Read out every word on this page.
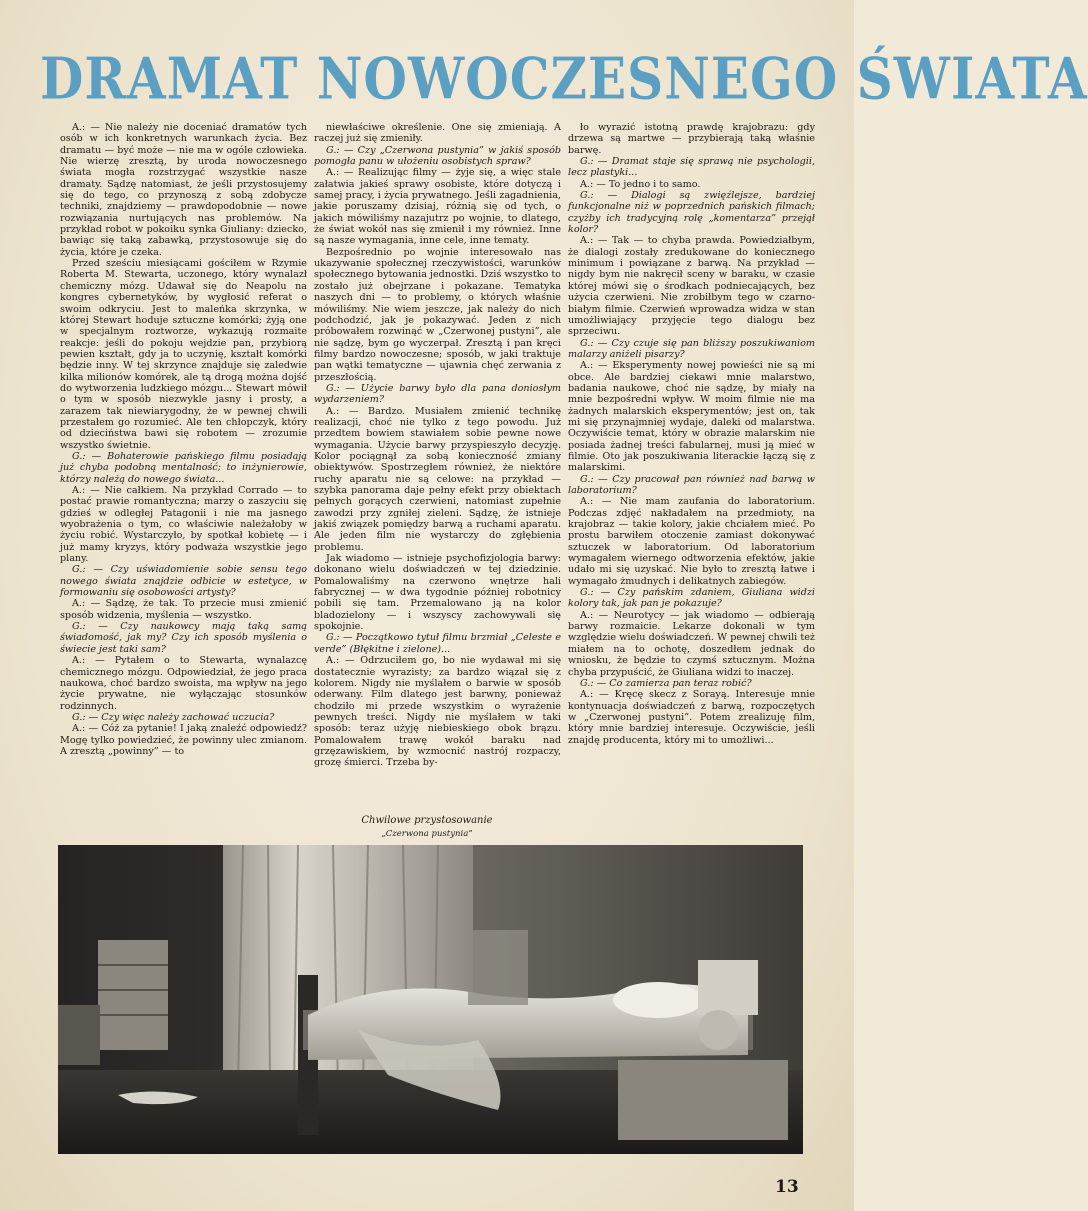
DRAMAT NOWOCZESNEGO ŚWIATA

A.: — Nie należy nie doceniać dramatów tych osób w ich konkretnych warunkach życia. Bez dramatu — być może — nie ma w ogóle człowieka. Nie wierzę zresztą, by uroda nowoczesnego świata mogła rozstrzygać wszystkie nasze dramaty. Sądzę natomiast, że jeśli przystosujemy się do tego, co przynoszą z sobą zdobycze techniki, znajdziemy — prawdopodobnie — nowe rozwiązania nurtujących nas problemów. Na przykład robot w pokoiku synka Giuliany: dziecko, bawiąc się taką zabawką, przystosowuje się do życia, które je czeka.

Przed sześciu miesiącami gościłem w Rzymie Roberta M. Stewarta, uczonego, który wynalazł chemiczny mózg. Udawał się do Neapolu na kongres cybernetyków, by wygłosić referat o swoim odkryciu. Jest to maleńka skrzynka, w której Stewart hoduje sztuczne komórki; żyją one w specjalnym roztworze, wykazują rozmaite reakcje: jeśli do pokoju wejdzie pan, przybiorą pewien kształt, gdy ja to uczynię, kształt komórki będzie inny. W tej skrzynce znajduje się zaledwie kilka milionów komórek, ale tą drogą można dojść do wytworzenia ludzkiego mózgu... Stewart mówił o tym w sposób niezwykle jasny i prosty, a zarazem tak niewiarygodny, że w pewnej chwili przestałem go rozumieć. Ale ten chłopczyk, który od dzieciństwa bawi się robotem — zrozumie wszystko świetnie.

G.: — Bohaterowie pańskiego filmu posiadają już chyba podobną mentalność; to inżynierowie, którzy należą do nowego świata...

A.: — Nie całkiem. Na przykład Corrado — to postać prawie romantyczna; marzy o zaszyciu się gdzieś w odległej Patagonii i nie ma jasnego wyobrażenia o tym, co właściwie należałoby w życiu robić. Wystarczyło, by spotkał kobietę — i już mamy kryzys, który podważa wszystkie jego plany.

G.: — Czy uświadomienie sobie sensu tego nowego świata znajdzie odbicie w estetyce, w formowaniu się osobowości artysty?

A.: — Sądzę, że tak. To przecie musi zmienić sposób widzenia, myślenia — wszystko.

G.: — Czy naukowcy mają taką samą świadomość, jak my? Czy ich sposób myślenia o świecie jest taki sam?

A.: — Pytałem o to Stewarta, wynalazcę chemicznego mózgu. Odpowiedział, że jego praca naukowa, choć bardzo swoista, ma wpływ na jego życie prywatne, nie wyłączając stosunków rodzinnych.

G.: — Czy więc należy zachować uczucia?

A.: — Cóż za pytanie! I jaką znaleźć odpowiedź? Mogę tylko powiedzieć, że powinny ulec zmianom. A zresztą „powinny” — to

niewłaściwe określenie. One się zmieniają. A raczej już się zmieniły.

G.: — Czy „Czerwona pustynia” w jakiś sposób pomogła panu w ułożeniu osobistych spraw?

A.: — Realizując filmy — żyje się, a więc stale załatwia jakieś sprawy osobiste, które dotyczą i samej pracy, i życia prywatnego. Jeśli zagadnienia, jakie poruszamy dzisiaj, różnią się od tych, o jakich mówiliśmy nazajutrz po wojnie, to dlatego, że świat wokół nas się zmienił i my również. Inne są nasze wymagania, inne cele, inne tematy.

Bezpośrednio po wojnie interesowało nas ukazywanie społecznej rzeczywistości, warunków społecznego bytowania jednostki. Dziś wszystko to zostało już obejrzane i pokazane. Tematyka naszych dni — to problemy, o których właśnie mówiliśmy. Nie wiem jeszcze, jak należy do nich podchodzić, jak je pokazywać. Jeden z nich próbowałem rozwinąć w „Czerwonej pustyni”, ale nie sądzę, bym go wyczerpał. Zresztą i pan kręci filmy bardzo nowoczesne; sposób, w jaki traktuje pan wątki tematyczne — ujawnia chęć zerwania z przeszłością.

G.: — Użycie barwy było dla pana doniosłym wydarzeniem?

A.: — Bardzo. Musiałem zmienić technikę realizacji, choć nie tylko z tego powodu. Już przedtem bowiem stawiałem sobie pewne nowe wymagania. Użycie barwy przyspieszyło decyzję. Kolor pociągnął za sobą konieczność zmiany obiektywów. Spostrzegłem również, że niektóre ruchy aparatu nie są celowe: na przykład — szybka panorama daje pełny efekt przy obiektach pełnych gorących czerwieni, natomiast zupełnie zawodzi przy zgniłej zieleni. Sądzę, że istnieje jakiś związek pomiędzy barwą a ruchami aparatu. Ale jeden film nie wystarczy do zgłębienia problemu.

Jak wiadomo — istnieje psychofizjologia barwy: dokonano wielu doświadczeń w tej dziedzinie. Pomalowaliśmy na czerwono wnętrze hali fabrycznej — w dwa tygodnie później robotnicy pobili się tam. Przemalowano ją na kolor bladozielony — i wszyscy zachowywali się spokojnie.

G.: — Początkowo tytuł filmu brzmiał „Celeste e verde” (Błękitne i zielone)...

A.: — Odrzuciłem go, bo nie wydawał mi się dostatecznie wyrazisty; za bardzo wiązał się z kolorem. Nigdy nie myślałem o barwie w sposób oderwany. Film dlatego jest barwny, ponieważ chodziło mi przede wszystkim o wyrażenie pewnych treści. Nigdy nie myślałem w taki sposób: teraz użyję niebieskiego obok brązu. Pomalowałem trawę wokół baraku nad grzęzawiskiem, by wzmocnić nastrój rozpaczy, grozę śmierci. Trzeba by-

ło wyrazić istotną prawdę krajobrazu: gdy drzewa są martwe — przybierają taką właśnie barwę.

G.: — Dramat staje się sprawą nie psychologii, lecz plastyki...

A.: — To jedno i to samo.

G.: — Dialogi są zwięźlejsze, bardziej funkcjonalne niż w poprzednich pańskich filmach; czyżby ich tradycyjną rolę „komentarza” przejął kolor?

A.: — Tak — to chyba prawda. Powiedziałbym, że dialogi zostały zredukowane do koniecznego minimum i powiązane z barwą. Na przykład — nigdy bym nie nakręcił sceny w baraku, w czasie której mówi się o środkach podniecających, bez użycia czerwieni. Nie zrobiłbym tego w czarno-białym filmie. Czerwień wprowadza widza w stan umożliwiający przyjęcie tego dialogu bez sprzeciwu.

G.: — Czy czuje się pan bliższy poszukiwaniom malarzy aniżeli pisarzy?

A.: — Eksperymenty nowej powieści nie są mi obce. Ale bardziej ciekawi mnie malarstwo, badania naukowe, choć nie sądzę, by miały na mnie bezpośredni wpływ. W moim filmie nie ma żadnych malarskich eksperymentów; jest on, tak mi się przynajmniej wydaje, daleki od malarstwa. Oczywiście temat, który w obrazie malarskim nie posiada żadnej treści fabularnej, musi ją mieć w filmie. Oto jak poszukiwania literackie łączą się z malarskimi.

G.: — Czy pracował pan również nad barwą w laboratorium?

A.: — Nie mam zaufania do laboratorium. Podczas zdjęć nakładałem na przedmioty, na krajobraz — takie kolory, jakie chciałem mieć. Po prostu barwiłem otoczenie zamiast dokonywać sztuczek w laboratorium. Od laboratorium wymagałem wiernego odtworzenia efektów, jakie udało mi się uzyskać. Nie było to zresztą łatwe i wymagało żmudnych i delikatnych zabiegów.

G.: — Czy pańskim zdaniem, Giuliana widzi kolory tak, jak pan je pokazuje?

A.: — Neurotycy — jak wiadomo — odbierają barwy rozmaicie. Lekarze dokonali w tym względzie wielu doświadczeń. W pewnej chwili też miałem na to ochotę, doszedłem jednak do wniosku, że będzie to czymś sztucznym. Można chyba przypuścić, że Giuliana widzi to inaczej.

G.: — Co zamierza pan teraz robić?

A.: — Kręcę skecz z Sorayą. Interesuje mnie kontynuacja doświadczeń z barwą, rozpoczętych w „Czerwonej pustyni”. Potem zrealizuję film, który mnie bardziej interesuje. Oczywiście, jeśli znajdę producenta, który mi to umożliwi...

Chwilowe przystosowanie
„Czerwona pustynia”
13
